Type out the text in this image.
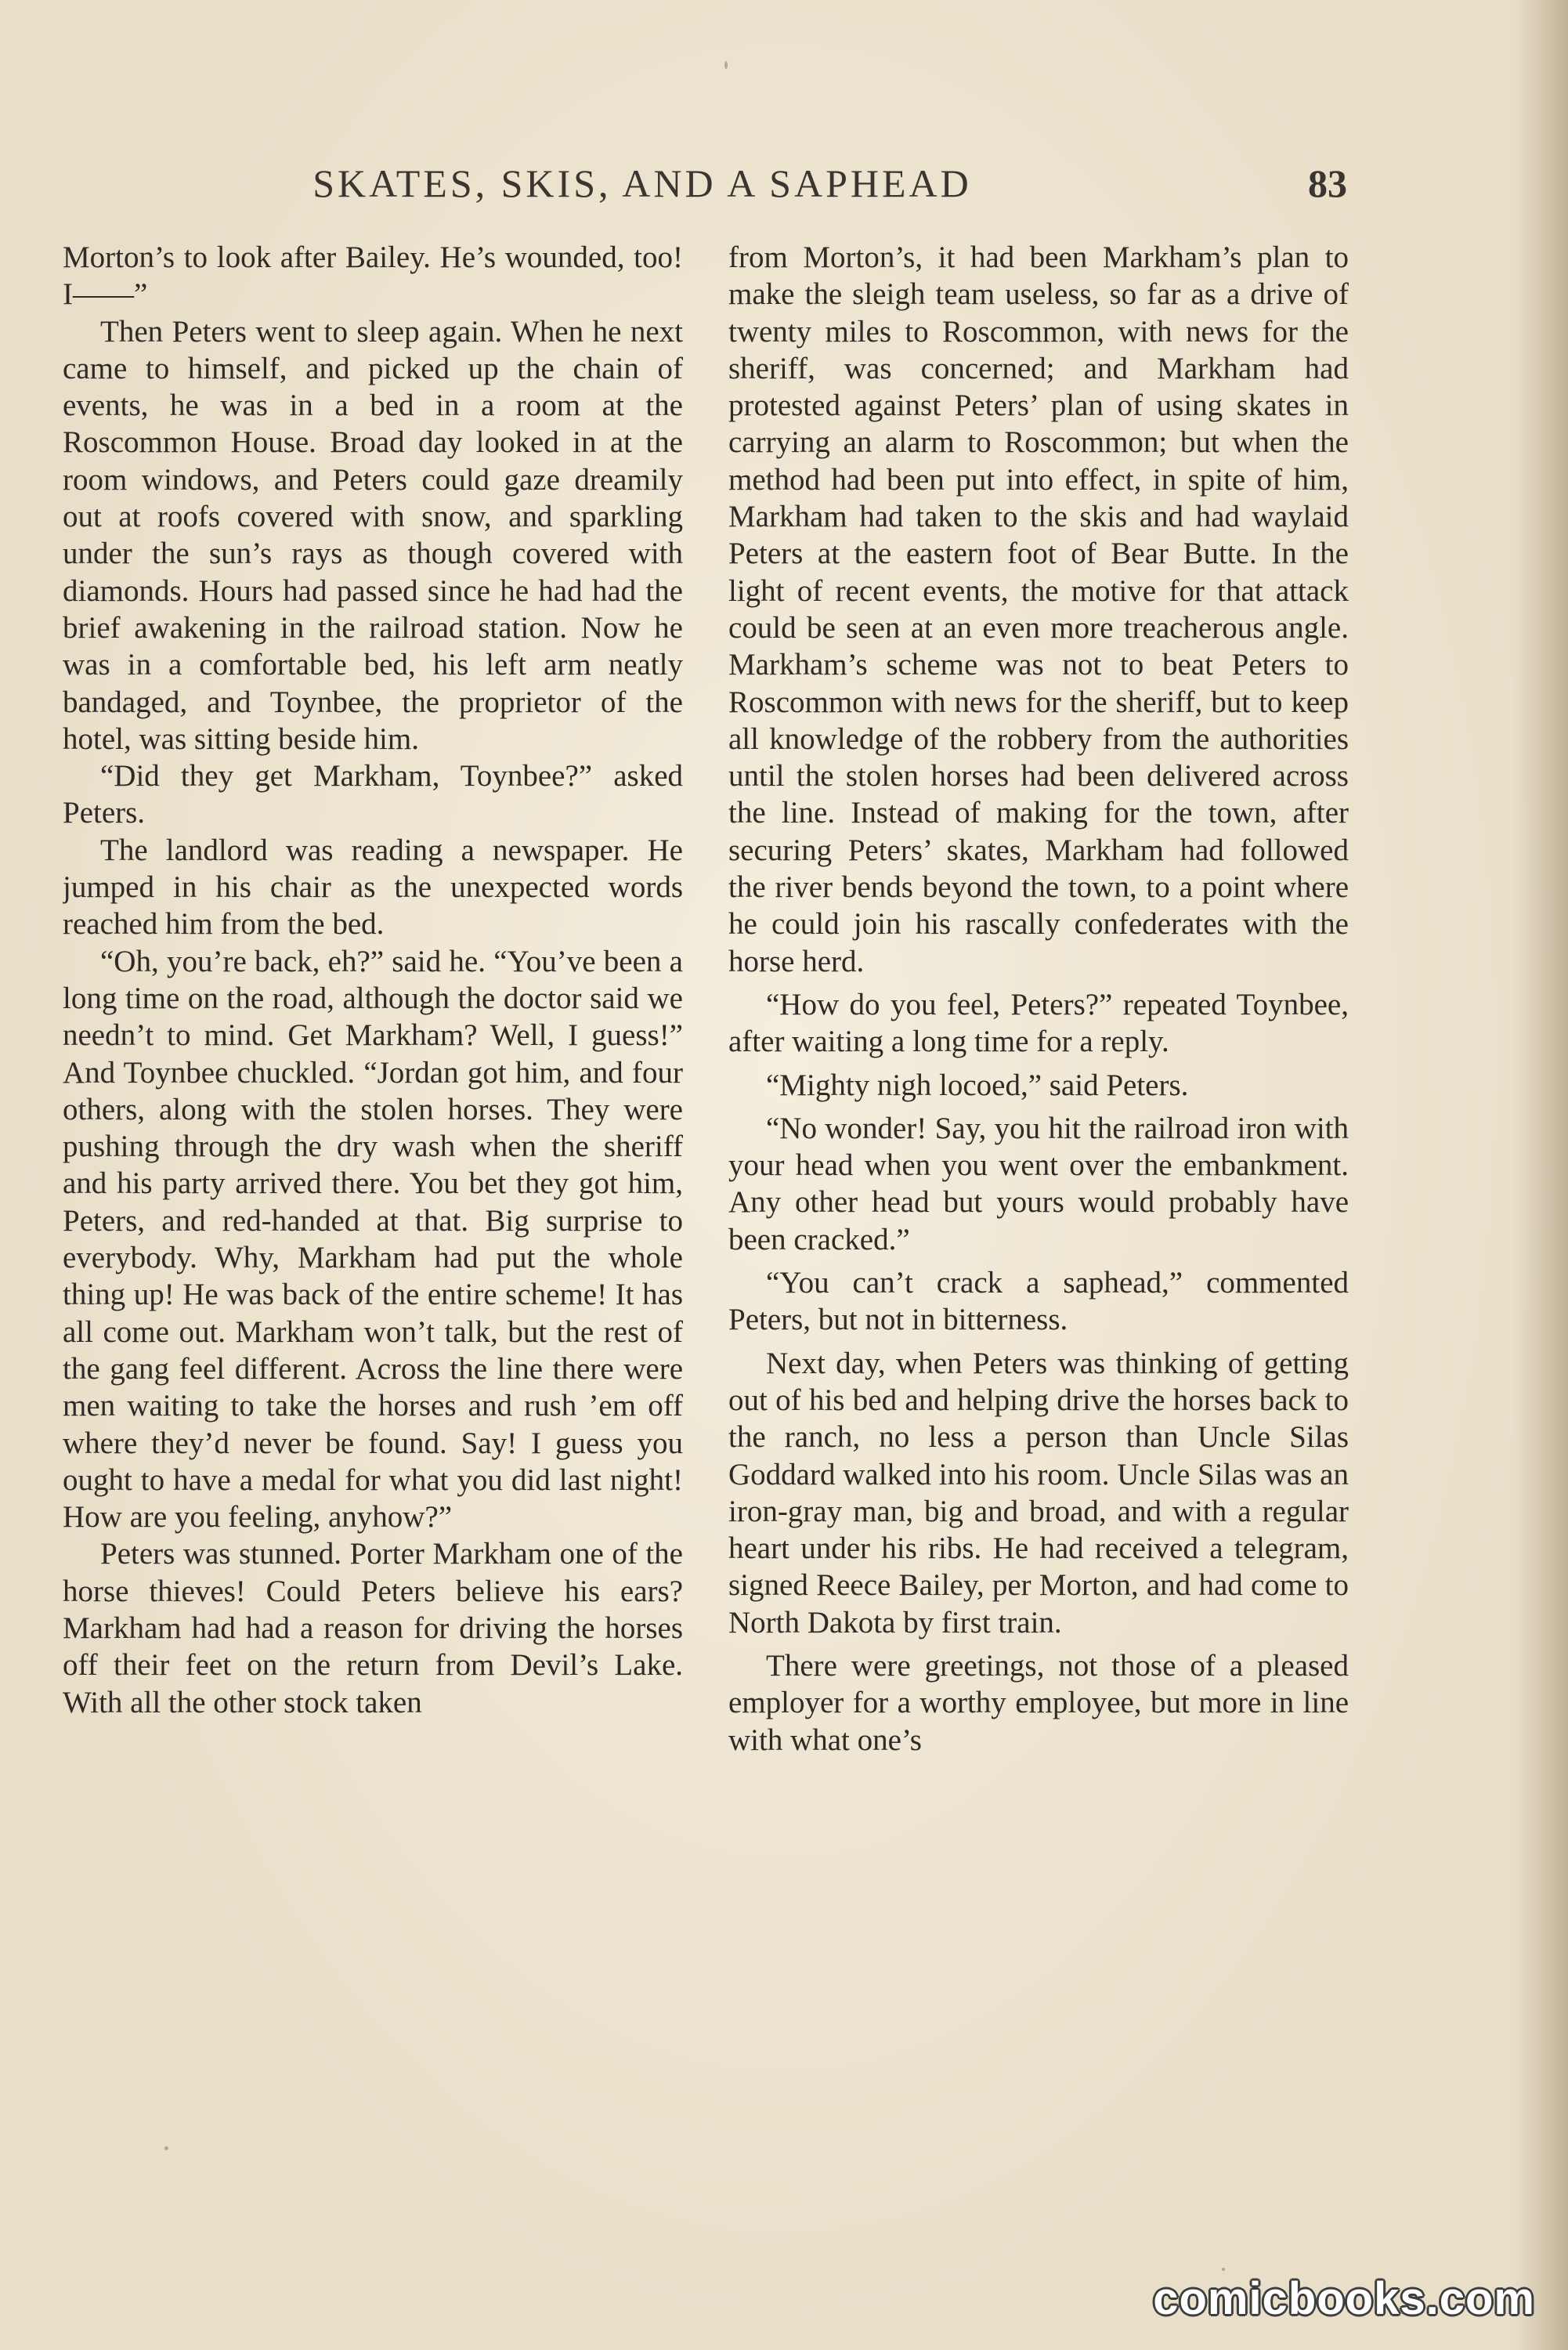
SKATES, SKIS, AND A SAPHEAD	83

Morton’s to look after Bailey. He’s wounded, too! I——”

Then Peters went to sleep again. When he next came to himself, and picked up the chain of events, he was in a bed in a room at the Roscommon House. Broad day looked in at the room windows, and Peters could gaze dreamily out at roofs covered with snow, and sparkling under the sun’s rays as though covered with diamonds. Hours had passed since he had had the brief awakening in the railroad station. Now he was in a comfortable bed, his left arm neatly bandaged, and Toynbee, the proprietor of the hotel, was sitting beside him.

“Did they get Markham, Toynbee?” asked Peters.

The landlord was reading a newspaper. He jumped in his chair as the unexpected words reached him from the bed.

“Oh, you’re back, eh?” said he. “You’ve been a long time on the road, although the doctor said we needn’t to mind. Get Markham? Well, I guess!” And Toynbee chuckled. “Jordan got him, and four others, along with the stolen horses. They were pushing through the dry wash when the sheriff and his party arrived there. You bet they got him, Peters, and red-handed at that. Big surprise to everybody. Why, Markham had put the whole thing up! He was back of the entire scheme! It has all come out. Markham won’t talk, but the rest of the gang feel different. Across the line there were men waiting to take the horses and rush ’em off where they’d never be found. Say! I guess you ought to have a medal for what you did last night! How are you feeling, anyhow?”

Peters was stunned. Porter Markham one of the horse thieves! Could Peters believe his ears? Markham had had a reason for driving the horses off their feet on the return from Devil’s Lake. With all the other stock taken

from Morton’s, it had been Markham’s plan to make the sleigh team useless, so far as a drive of twenty miles to Roscommon, with news for the sheriff, was concerned; and Markham had protested against Peters’ plan of using skates in carrying an alarm to Roscommon; but when the method had been put into effect, in spite of him, Markham had taken to the skis and had waylaid Peters at the eastern foot of Bear Butte. In the light of recent events, the motive for that attack could be seen at an even more treacherous angle. Markham’s scheme was not to beat Peters to Roscommon with news for the sheriff, but to keep all knowledge of the robbery from the authorities until the stolen horses had been delivered across the line. Instead of making for the town, after securing Peters’ skates, Markham had followed the river bends beyond the town, to a point where he could join his rascally confederates with the horse herd.

“How do you feel, Peters?” repeated Toynbee, after waiting a long time for a reply.

“Mighty nigh locoed,” said Peters.

“No wonder! Say, you hit the railroad iron with your head when you went over the embankment. Any other head but yours would probably have been cracked.”

“You can’t crack a saphead,” commented Peters, but not in bitterness.

Next day, when Peters was thinking of getting out of his bed and helping drive the horses back to the ranch, no less a person than Uncle Silas Goddard walked into his room. Uncle Silas was an iron-gray man, big and broad, and with a regular heart under his ribs. He had received a telegram, signed Reece Bailey, per Morton, and had come to North Dakota by first train.

There were greetings, not those of a pleased employer for a worthy employee, but more in line with what one’s

comicbooks.com
